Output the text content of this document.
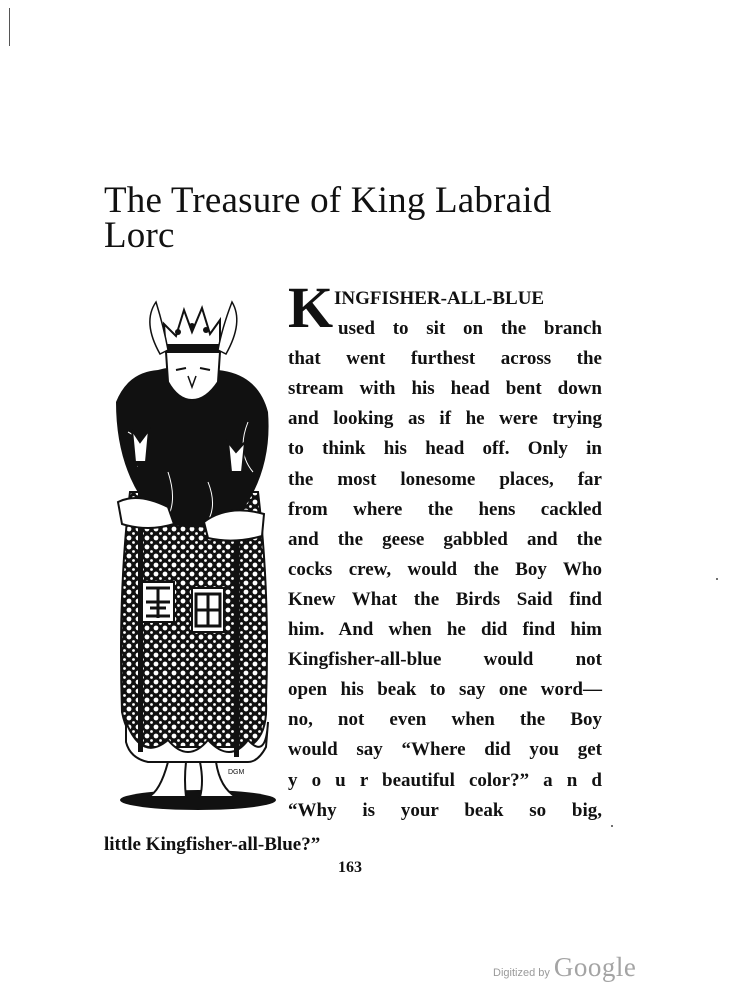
The Treasure of King Labraid Lorc
K INGFISHER-ALL-BLUE
used to sit on the branch
that went furthest across the
stream with his head bent down
and looking as if he were trying
to think his head off. Only in
the most lonesome places, far
from where the hens cackled
and the geese gabbled and the
cocks crew, would the Boy Who
Knew What the Birds Said find
him. And when he did find him
Kingfisher-all-blue would not
open his beak to say one word—
no, not even when the Boy
would say “Where did you get
y o u r beautiful color?” a n d
“Why is your beak so big,
little Kingfisher-all-Blue?”
DGM
163
Digitized by Google
